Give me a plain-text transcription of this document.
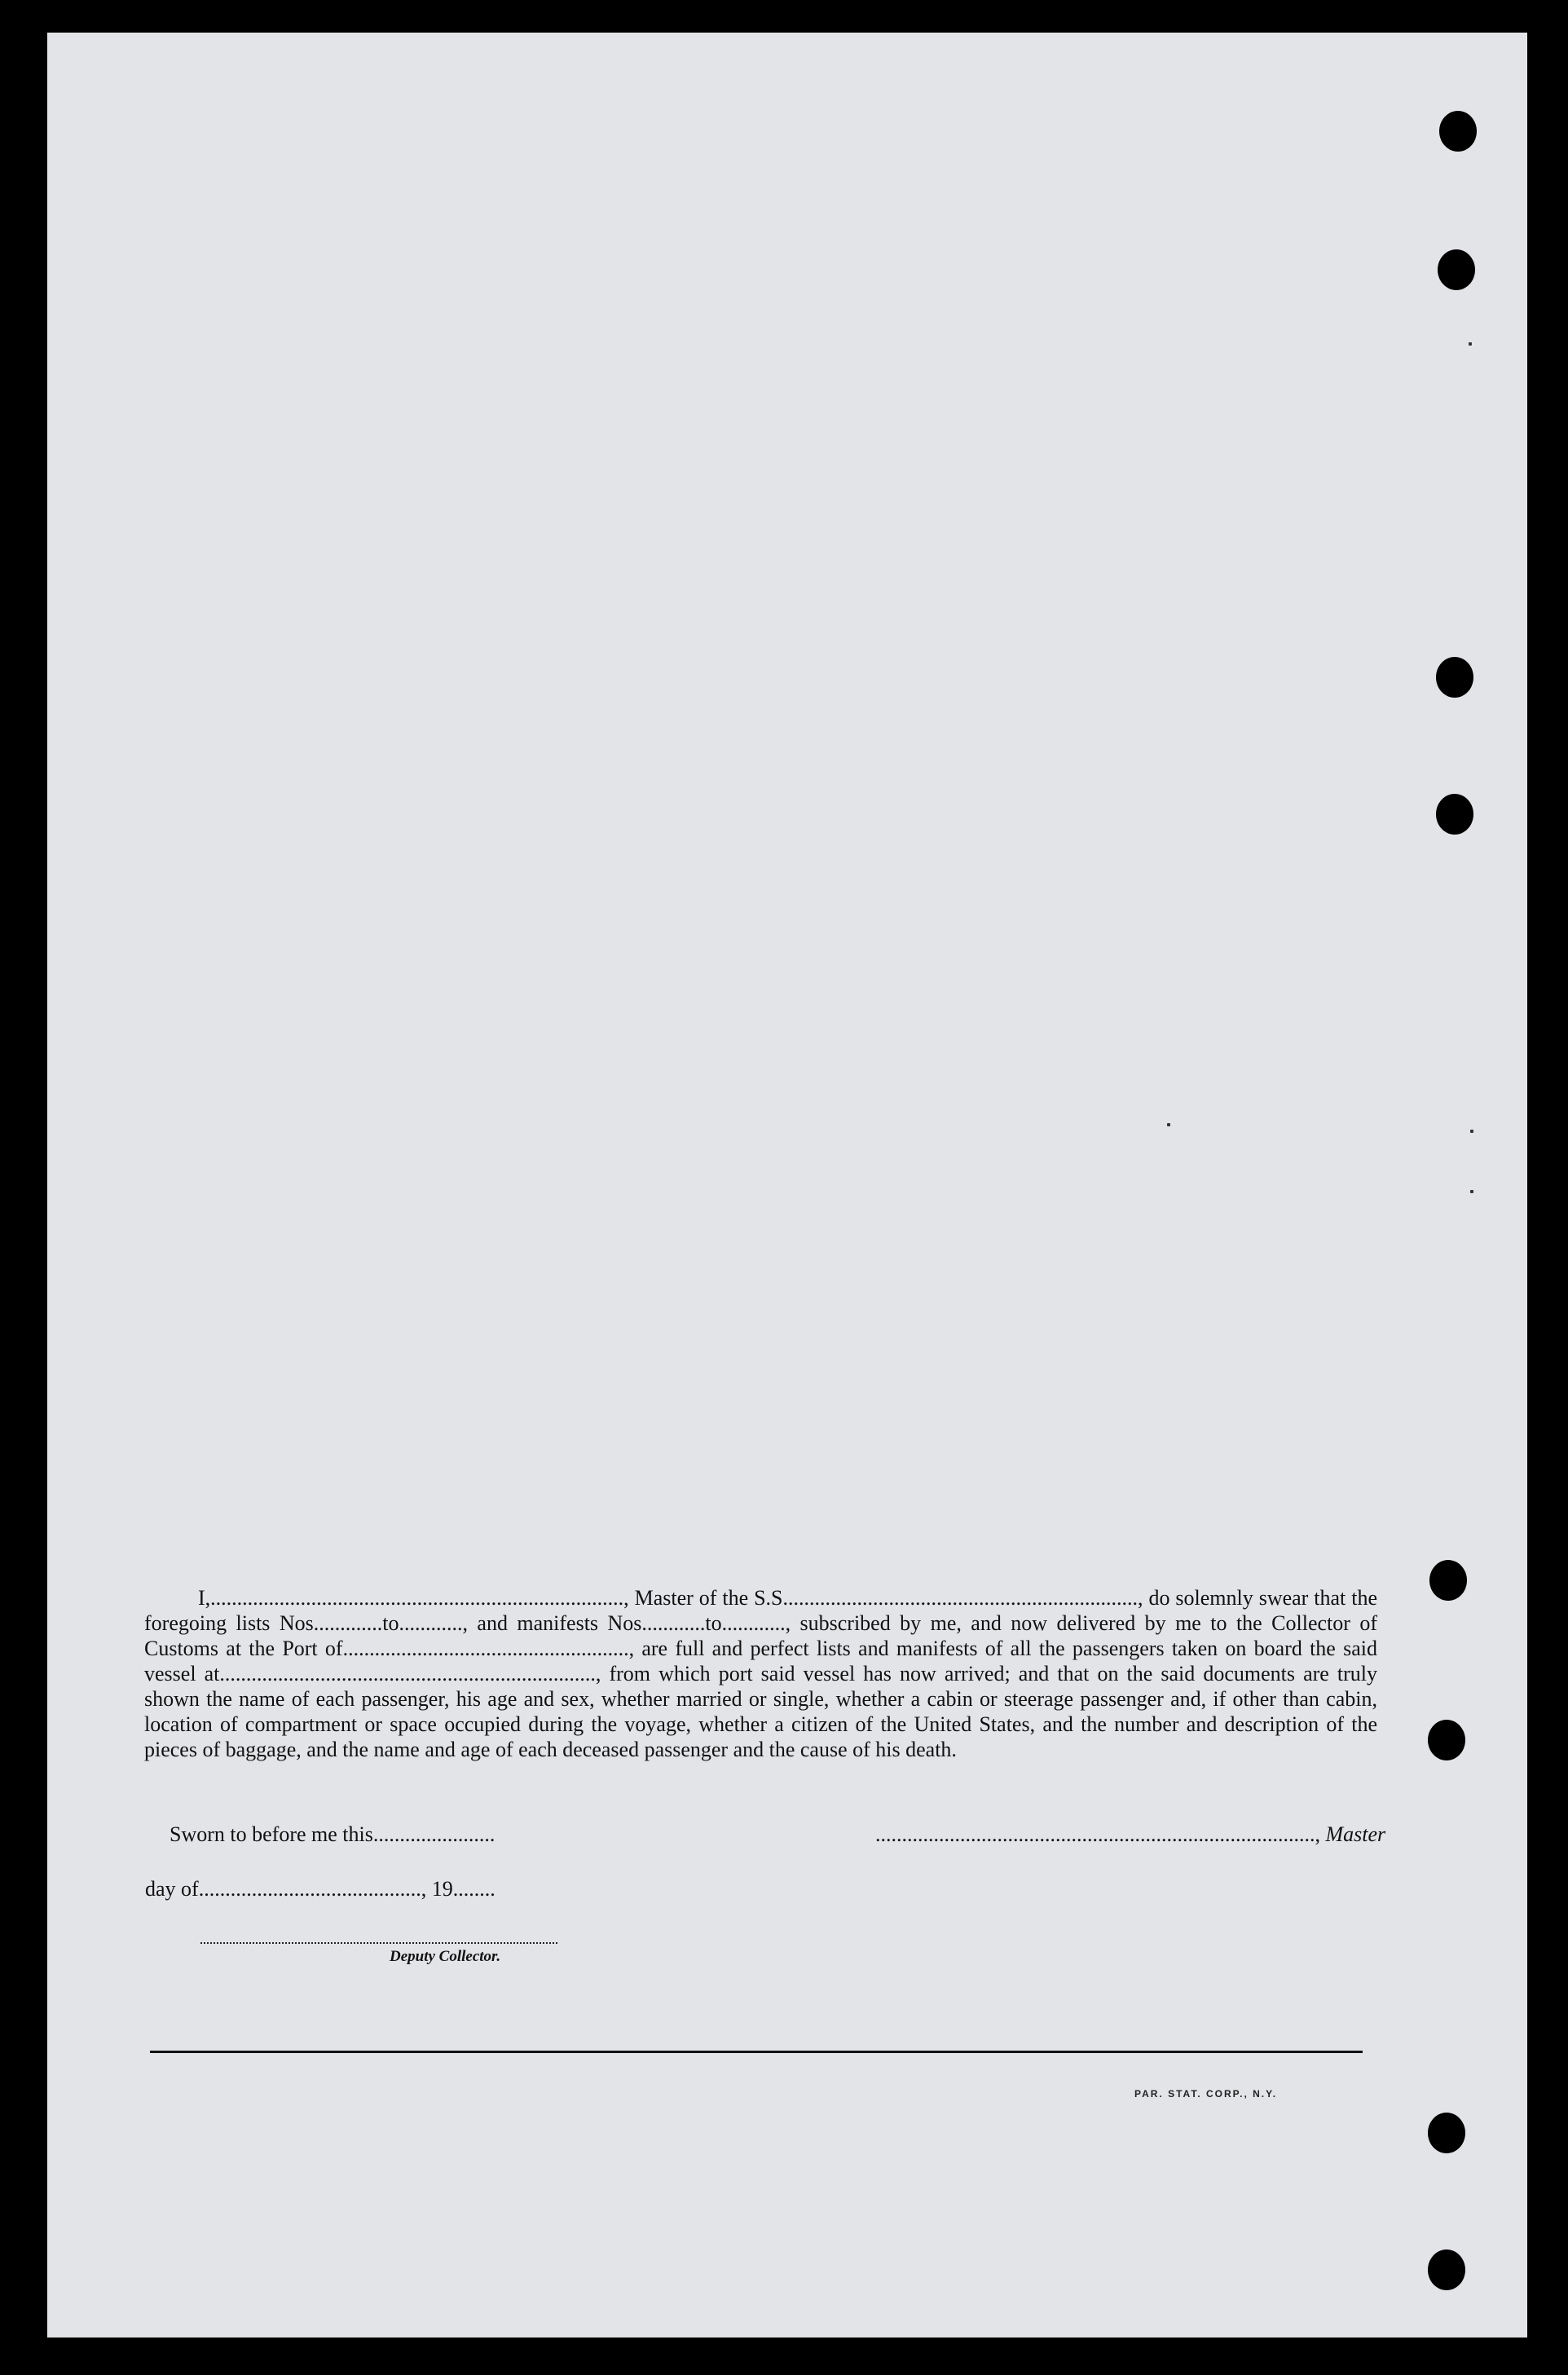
I,.............................................................................., Master of the S.S..................................................................., do solemnly swear that the foregoing lists Nos.............to............, and manifests Nos............to............, subscribed by me, and now delivered by me to the Collector of Customs at the Port of......................................................, are full and perfect lists and manifests of all the passengers taken on board the said vessel at......................................................................., from which port said vessel has now arrived; and that on the said documents are truly shown the name of each passenger, his age and sex, whether married or single, whether a cabin or steerage passenger and, if other than cabin, location of compartment or space occupied during the voyage, whether a citizen of the United States, and the number and description of the pieces of baggage, and the name and age of each deceased passenger and the cause of his death.

Sworn to before me this.......................	..................................................................................., Master
day of.........................................., 19........
Deputy Collector.
PAR. STAT. CORP., N.Y.
